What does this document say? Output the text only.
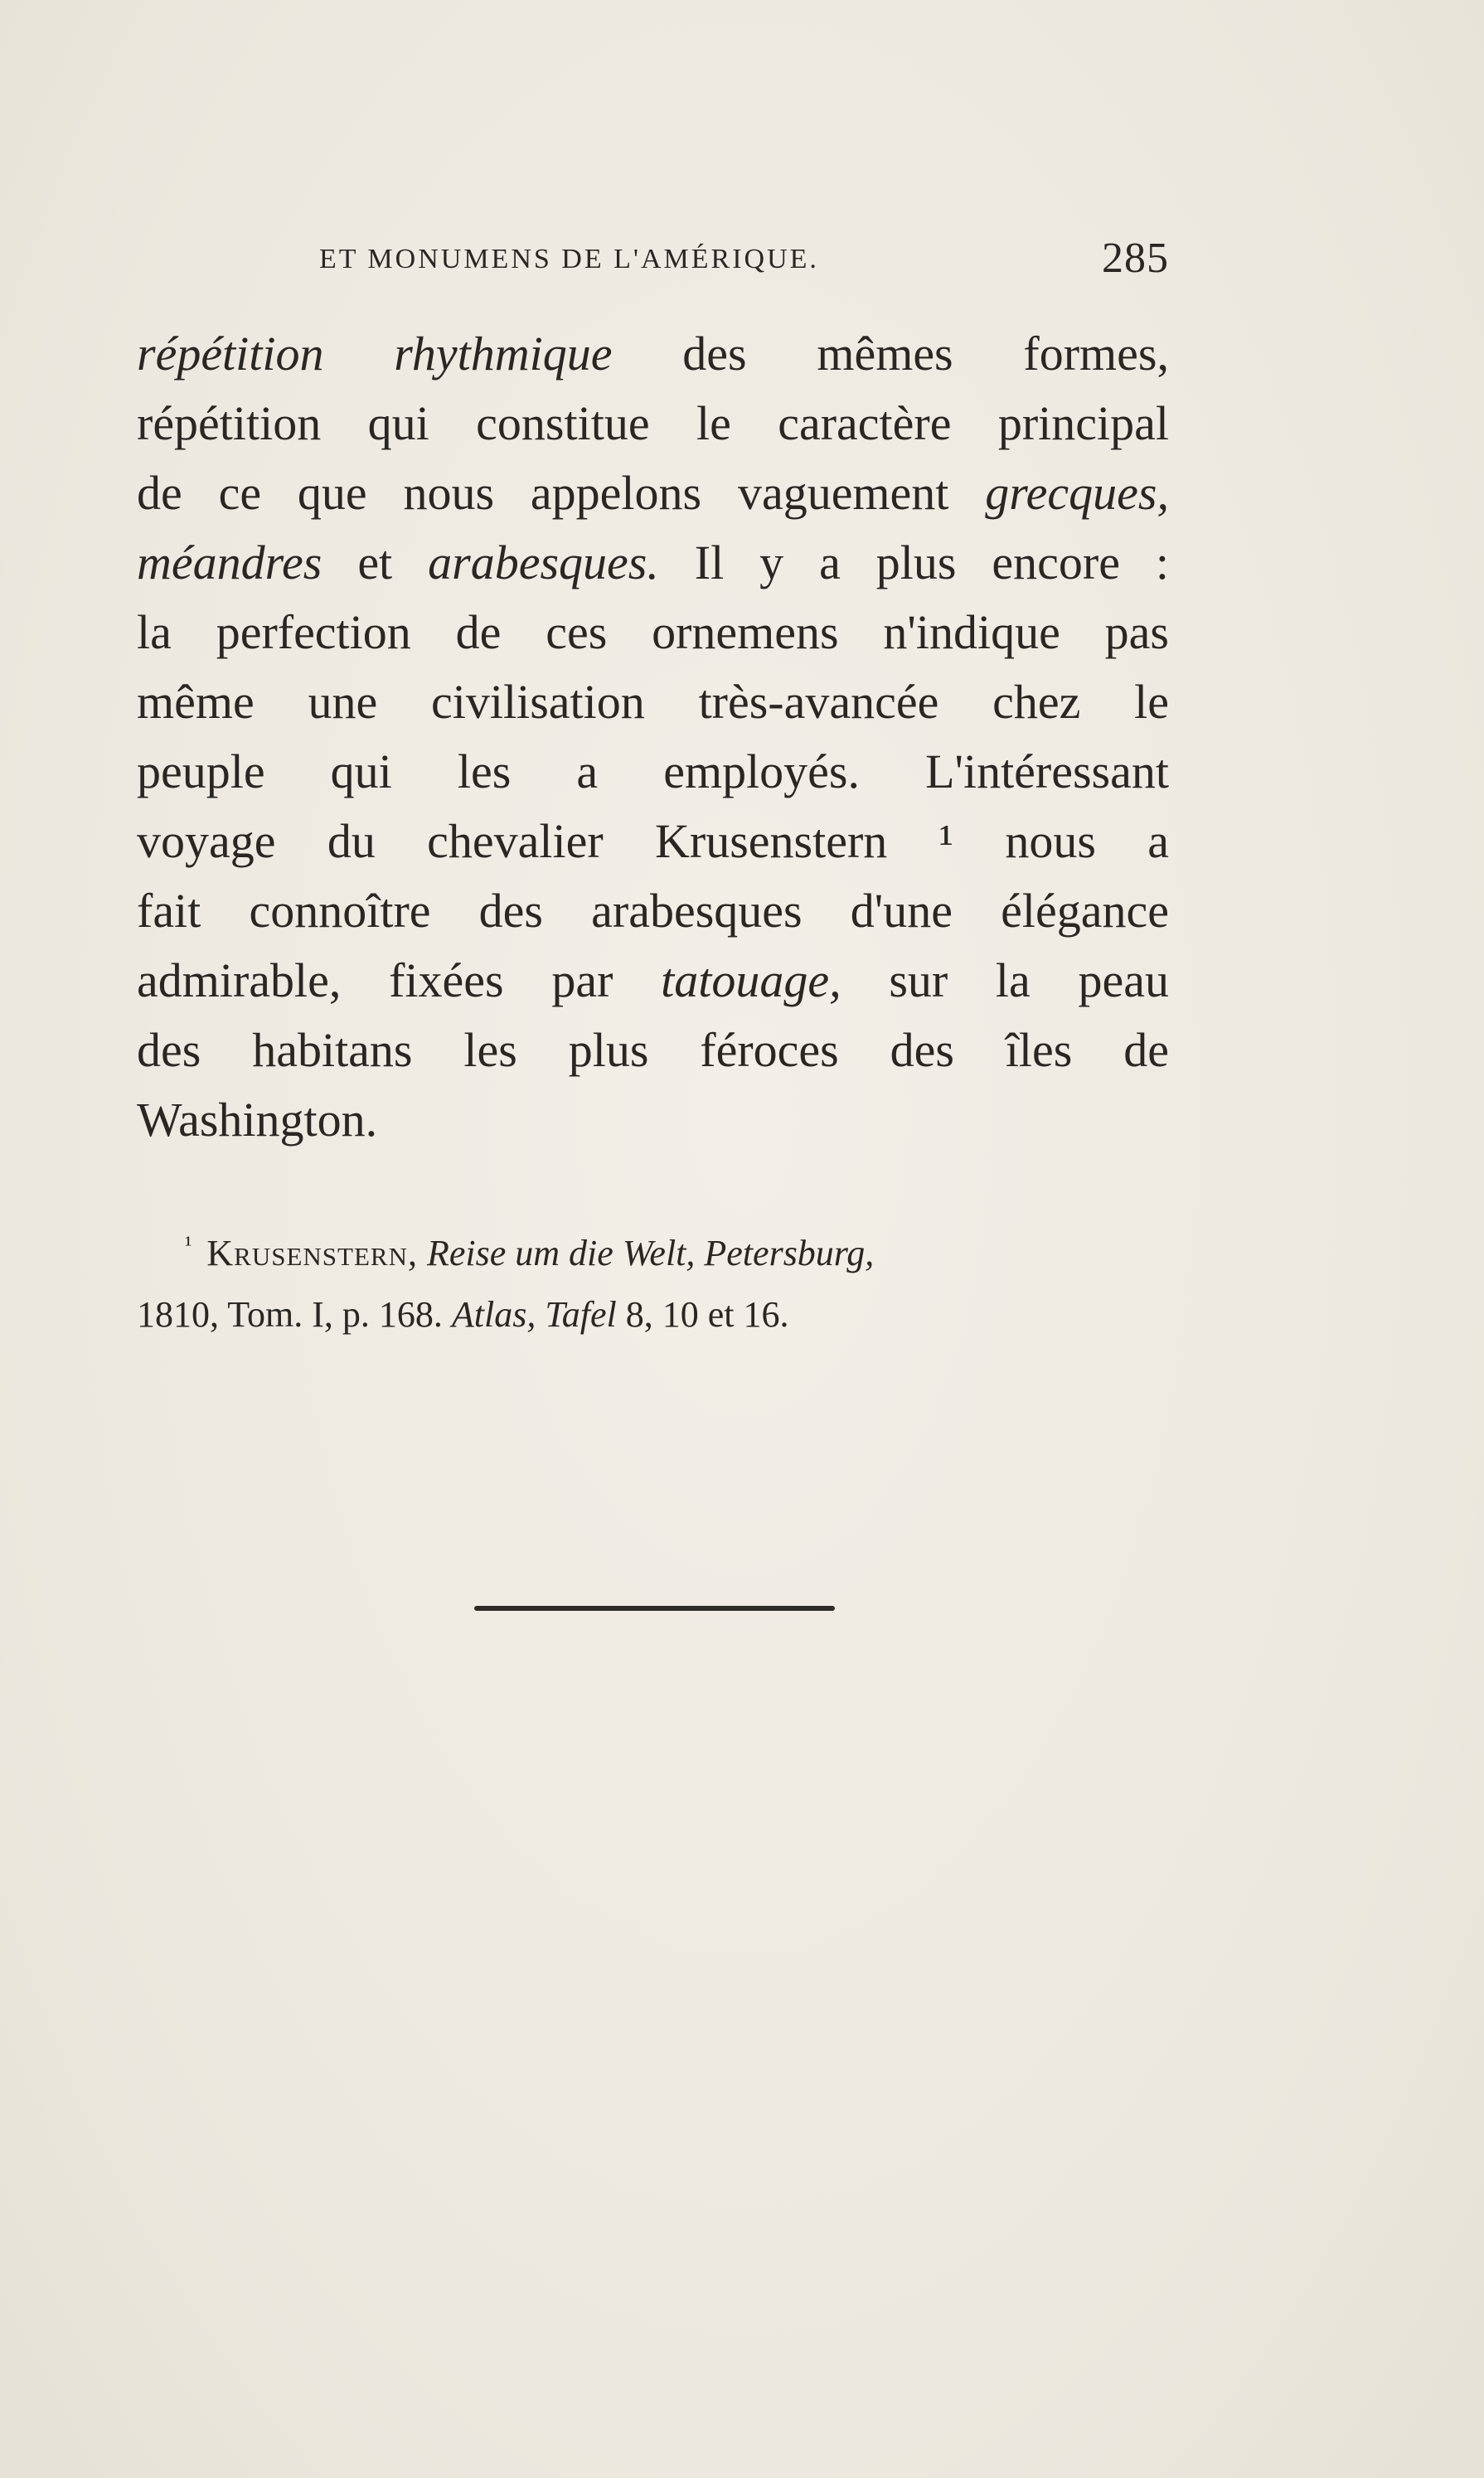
ET MONUMENS DE L'AMÉRIQUE.	285
répétition rhythmique des mêmes formes,
répétition qui constitue le caractère principal
de ce que nous appelons vaguement grecques,
méandres et arabesques. Il y a plus encore :
la perfection de ces ornemens n'indique pas
même une civilisation très-avancée chez le
peuple qui les a employés. L'intéressant
voyage du chevalier Krusenstern ¹ nous a
fait connoître des arabesques d'une élégance
admirable, fixées par tatouage, sur la peau
des habitans les plus féroces des îles de
Washington.
$^{^1}$ Krusenstern, Reise um die Welt, Petersburg,
1810, Tom. I, p. 168. Atlas, Tafel 8, 10 et 16.
